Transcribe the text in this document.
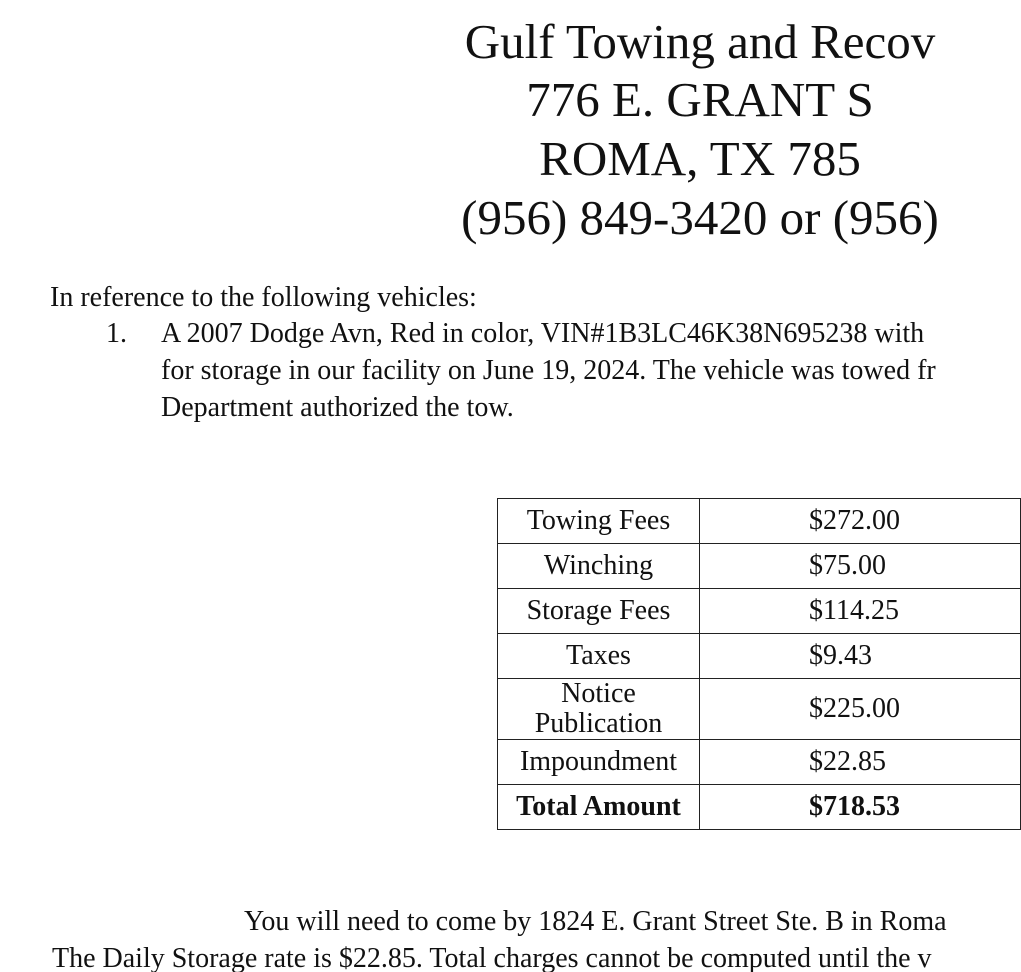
Gulf Towing and Recov
776 E. GRANT S
ROMA, TX 785
(956) 849-3420 or (956)
In reference to the following vehicles:
1. A 2007 Dodge Avn, Red in color, VIN#1B3LC46K38N695238 with
for storage in our facility on June 19, 2024. The vehicle was towed fr
Department authorized the tow.
Towing Fees	$272.00
Winching	$75.00
Storage Fees	$114.25
Taxes	$9.43
Notice Publication	$225.00
Impoundment	$22.85
Total Amount	$718.53
You will need to come by 1824 E. Grant Street Ste. B in Roma
The Daily Storage rate is $22.85. Total charges cannot be computed until the v
